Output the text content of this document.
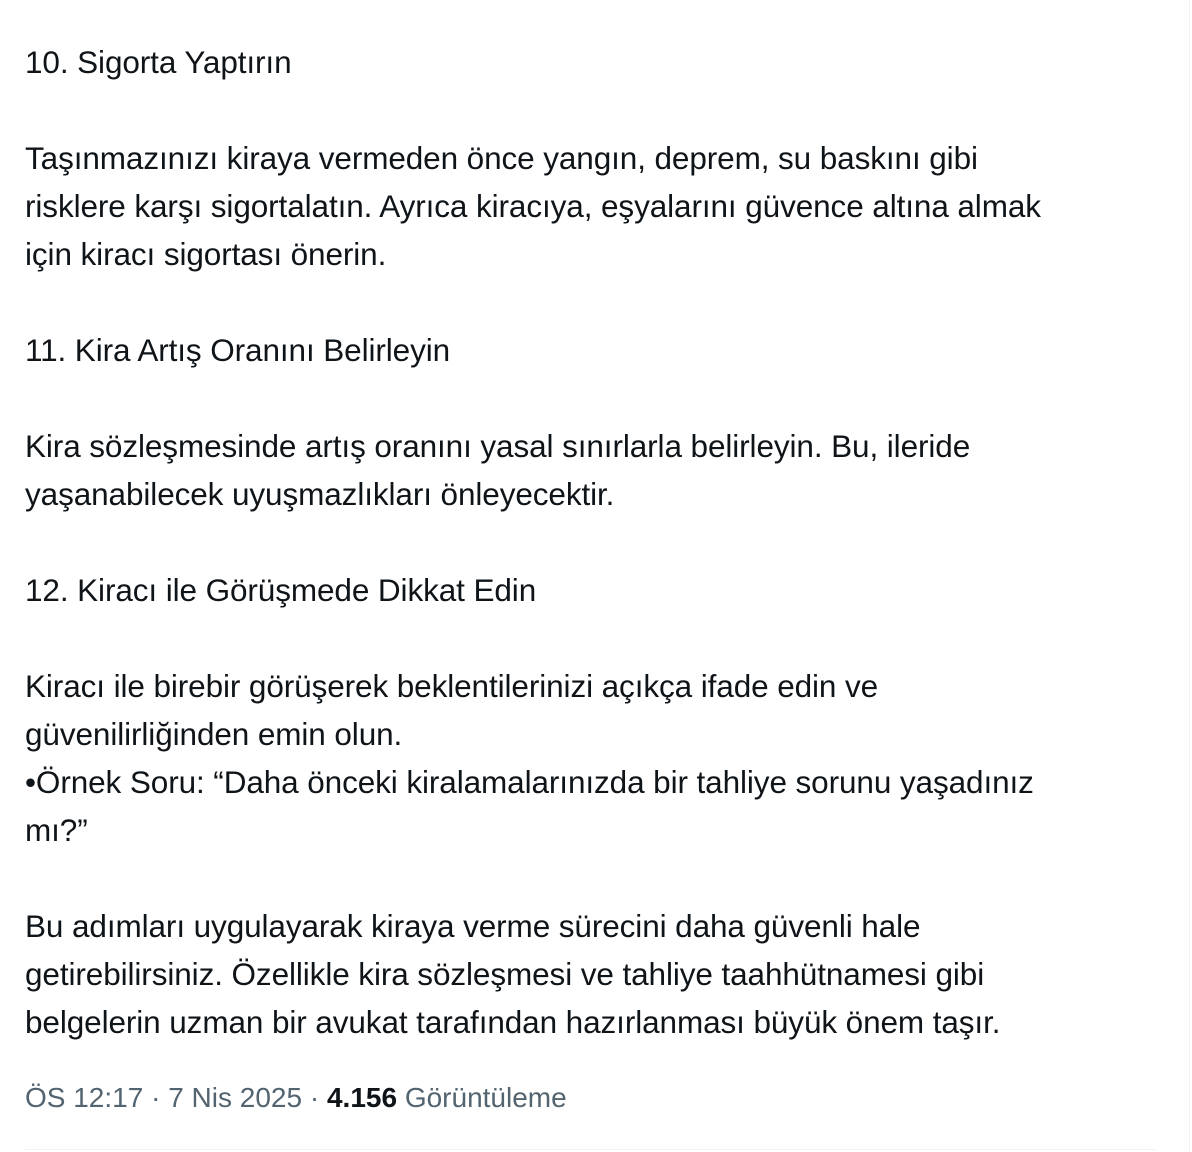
10. Sigorta Yaptırın

Taşınmazınızı kiraya vermeden önce yangın, deprem, su baskını gibi
risklere karşı sigortalatın. Ayrıca kiracıya, eşyalarını güvence altına almak
için kiracı sigortası önerin.

11. Kira Artış Oranını Belirleyin

Kira sözleşmesinde artış oranını yasal sınırlarla belirleyin. Bu, ileride
yaşanabilecek uyuşmazlıkları önleyecektir.

12. Kiracı ile Görüşmede Dikkat Edin

Kiracı ile birebir görüşerek beklentilerinizi açıkça ifade edin ve
güvenilirliğinden emin olun.
•Örnek Soru: “Daha önceki kiralamalarınızda bir tahliye sorunu yaşadınız
mı?”

Bu adımları uygulayarak kiraya verme sürecini daha güvenli hale
getirebilirsiniz. Özellikle kira sözleşmesi ve tahliye taahhütnamesi gibi
belgelerin uzman bir avukat tarafından hazırlanması büyük önem taşır.

ÖS 12:17 · 7 Nis 2025 · 4.156 Görüntüleme
